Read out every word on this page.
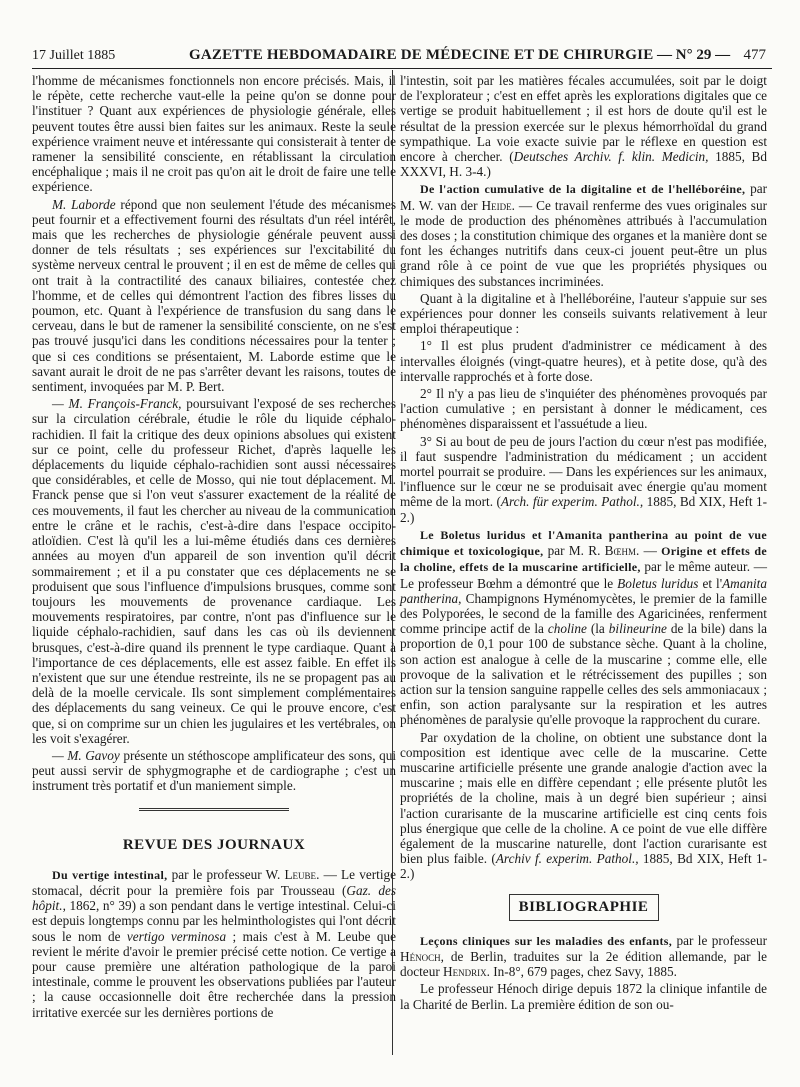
17 Juillet 1885	GAZETTE HEBDOMADAIRE DE MÉDECINE ET DE CHIRURGIE — N° 29 — 477

l'homme de mécanismes fonctionnels non encore précisés. Mais, il le répète, cette recherche vaut-elle la peine qu'on se donne pour l'instituer ? Quant aux expériences de physiologie générale, elles peuvent toutes être aussi bien faites sur les animaux. Reste la seule expérience vraiment neuve et intéressante qui consisterait à tenter de ramener la sensibilité consciente, en rétablissant la circulation encéphalique ; mais il ne croit pas qu'on ait le droit de faire une telle expérience.

M. Laborde répond que non seulement l'étude des mécanismes peut fournir et a effectivement fourni des résultats d'un réel intérêt, mais que les recherches de physiologie générale peuvent aussi donner de tels résultats ; ses expériences sur l'excitabilité du système nerveux central le prouvent ; il en est de même de celles qui ont trait à la contractilité des canaux biliaires, contestée chez l'homme, et de celles qui démontrent l'action des fibres lisses du poumon, etc. Quant à l'expérience de transfusion du sang dans le cerveau, dans le but de ramener la sensibilité consciente, on ne s'est pas trouvé jusqu'ici dans les conditions nécessaires pour la tenter ; que si ces conditions se présentaient, M. Laborde estime que le savant aurait le droit de ne pas s'arrêter devant les raisons, toutes de sentiment, invoquées par M. P. Bert.

— M. François-Franck, poursuivant l'exposé de ses recherches sur la circulation cérébrale, étudie le rôle du liquide céphalo-rachidien. Il fait la critique des deux opinions absolues qui existent sur ce point, celle du professeur Richet, d'après laquelle les déplacements du liquide céphalo-rachidien sont aussi nécessaires que considérables, et celle de Mosso, qui nie tout déplacement. M. Franck pense que si l'on veut s'assurer exactement de la réalité de ces mouvements, il faut les chercher au niveau de la communication entre le crâne et le rachis, c'est-à-dire dans l'espace occipito-atloïdien. C'est là qu'il les a lui-même étudiés dans ces dernières années au moyen d'un appareil de son invention qu'il décrit sommairement ; et il a pu constater que ces déplacements ne se produisent que sous l'influence d'impulsions brusques, comme sont toujours les mouvements de provenance cardiaque. Les mouvements respiratoires, par contre, n'ont pas d'influence sur le liquide céphalo-rachidien, sauf dans les cas où ils deviennent brusques, c'est-à-dire quand ils prennent le type cardiaque. Quant à l'importance de ces déplacements, elle est assez faible. En effet ils n'existent que sur une étendue restreinte, ils ne se propagent pas au delà de la moelle cervicale. Ils sont simplement complémentaires des déplacements du sang veineux. Ce qui le prouve encore, c'est que, si on comprime sur un chien les jugulaires et les vertébrales, on les voit s'exagérer.

— M. Gavoy présente un stéthoscope amplificateur des sons, qui peut aussi servir de sphygmographe et de cardiographe ; c'est un instrument très portatif et d'un maniement simple.

REVUE DES JOURNAUX

Du vertige intestinal, par le professeur W. Leube. — Le vertige stomacal, décrit pour la première fois par Trousseau (Gaz. des hôpit., 1862, n° 39) a son pendant dans le vertige intestinal. Celui-ci est depuis longtemps connu par les helminthologistes qui l'ont décrit sous le nom de vertigo verminosa ; mais c'est à M. Leube que revient le mérite d'avoir le premier précisé cette notion. Ce vertige a pour cause première une altération pathologique de la paroi intestinale, comme le prouvent les observations publiées par l'auteur ; la cause occasionnelle doit être recherchée dans la pression irritative exercée sur les dernières portions de

l'intestin, soit par les matières fécales accumulées, soit par le doigt de l'explorateur ; c'est en effet après les explorations digitales que ce vertige se produit habituellement ; il est hors de doute qu'il est le résultat de la pression exercée sur le plexus hémorrhoïdal du grand sympathique. La voie exacte suivie par le réflexe en question est encore à chercher. (Deutsches Archiv. f. klin. Medicin, 1885, Bd XXXVI, H. 3-4.)

De l'action cumulative de la digitaline et de l'helléboréine, par M. W. van der Heide. — Ce travail renferme des vues originales sur le mode de production des phénomènes attribués à l'accumulation des doses ; la constitution chimique des organes et la manière dont se font les échanges nutritifs dans ceux-ci jouent peut-être un plus grand rôle à ce point de vue que les propriétés physiques ou chimiques des substances incriminées.

Quant à la digitaline et à l'helléboréine, l'auteur s'appuie sur ses expériences pour donner les conseils suivants relativement à leur emploi thérapeutique :

1° Il est plus prudent d'administrer ce médicament à des intervalles éloignés (vingt-quatre heures), et à petite dose, qu'à des intervalle rapprochés et à forte dose.

2° Il n'y a pas lieu de s'inquiéter des phénomènes provoqués par l'action cumulative ; en persistant à donner le médicament, ces phénomènes disparaissent et l'assuétude a lieu.

3° Si au bout de peu de jours l'action du cœur n'est pas modifiée, il faut suspendre l'administration du médicament ; un accident mortel pourrait se produire. — Dans les expériences sur les animaux, l'influence sur le cœur ne se produisait avec énergie qu'au moment même de la mort. (Arch. für experim. Pathol., 1885, Bd XIX, Heft 1-2.)

Le Boletus luridus et l'Amanita pantherina au point de vue chimique et toxicologique, par M. R. Bœhm. — Origine et effets de la choline, effets de la muscarine artificielle, par le même auteur. — Le professeur Bœhm a démontré que le Boletus luridus et l'Amanita pantherina, Champignons Hyménomycètes, le premier de la famille des Polyporées, le second de la famille des Agaricinées, renferment comme principe actif de la choline (la bilineurine de la bile) dans la proportion de 0,1 pour 100 de substance sèche. Quant à la choline, son action est analogue à celle de la muscarine ; comme elle, elle provoque de la salivation et le rétrécissement des pupilles ; son action sur la tension sanguine rappelle celles des sels ammoniacaux ; enfin, son action paralysante sur la respiration et les autres phénomènes de paralysie qu'elle provoque la rapprochent du curare.

Par oxydation de la choline, on obtient une substance dont la composition est identique avec celle de la muscarine. Cette muscarine artificielle présente une grande analogie d'action avec la muscarine ; mais elle en diffère cependant ; elle présente plutôt les propriétés de la choline, mais à un degré bien supérieur ; ainsi l'action curarisante de la muscarine artificielle est cinq cents fois plus énergique que celle de la choline. A ce point de vue elle diffère également de la muscarine naturelle, dont l'action curarisante est bien plus faible. (Archiv f. experim. Pathol., 1885, Bd XIX, Heft 1-2.)

BIBLIOGRAPHIE

Leçons cliniques sur les maladies des enfants, par le professeur Hénoch, de Berlin, traduites sur la 2e édition allemande, par le docteur Hendrix. In-8°, 679 pages, chez Savy, 1885.

Le professeur Hénoch dirige depuis 1872 la clinique infantile de la Charité de Berlin. La première édition de son ou-
